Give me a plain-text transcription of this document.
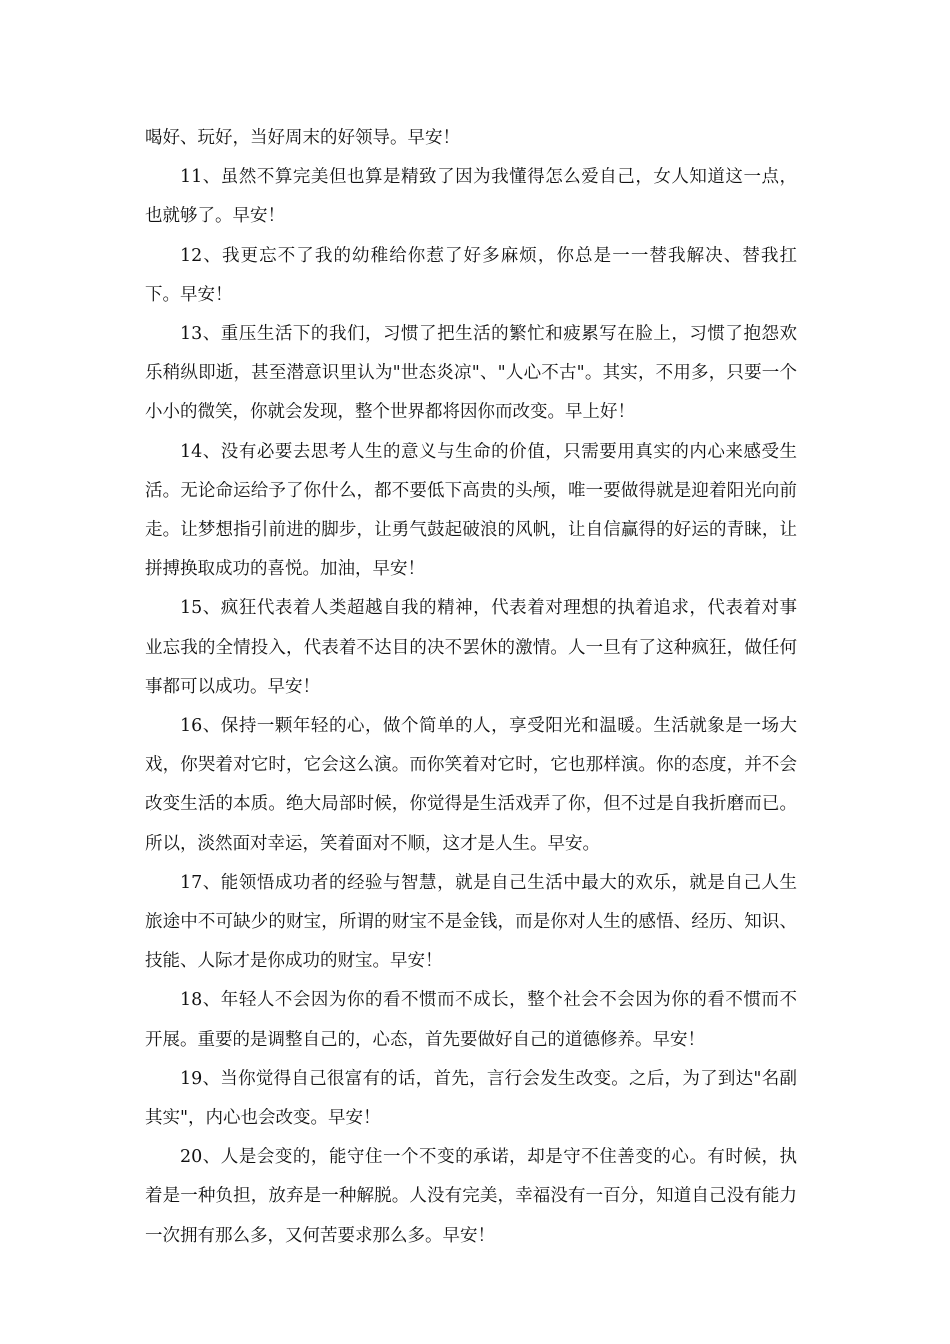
喝好、玩好，当好周末的好领导。早安！

11、虽然不算完美但也算是精致了因为我懂得怎么爱自己，女人知道这一点，也就够了。早安！

12、我更忘不了我的幼稚给你惹了好多麻烦，你总是一一替我解决、替我扛下。早安！

13、重压生活下的我们，习惯了把生活的繁忙和疲累写在脸上，习惯了抱怨欢乐稍纵即逝，甚至潜意识里认为"世态炎凉"、"人心不古"。其实，不用多，只要一个小小的微笑，你就会发现，整个世界都将因你而改变。早上好！

14、没有必要去思考人生的意义与生命的价值，只需要用真实的内心来感受生活。无论命运给予了你什么，都不要低下高贵的头颅，唯一要做得就是迎着阳光向前走。让梦想指引前进的脚步，让勇气鼓起破浪的风帆，让自信赢得的好运的青睐，让拼搏换取成功的喜悦。加油，早安！

15、疯狂代表着人类超越自我的精神，代表着对理想的执着追求，代表着对事业忘我的全情投入，代表着不达目的决不罢休的激情。人一旦有了这种疯狂，做任何事都可以成功。早安！

16、保持一颗年轻的心，做个简单的人，享受阳光和温暖。生活就象是一场大戏，你哭着对它时，它会这么演。而你笑着对它时，它也那样演。你的态度，并不会改变生活的本质。绝大局部时候，你觉得是生活戏弄了你，但不过是自我折磨而已。所以，淡然面对幸运，笑着面对不顺，这才是人生。早安。

17、能领悟成功者的经验与智慧，就是自己生活中最大的欢乐，就是自己人生旅途中不可缺少的财宝，所谓的财宝不是金钱，而是你对人生的感悟、经历、知识、技能、人际才是你成功的财宝。早安！

18、年轻人不会因为你的看不惯而不成长，整个社会不会因为你的看不惯而不开展。重要的是调整自己的，心态，首先要做好自己的道德修养。早安！

19、当你觉得自己很富有的话，首先，言行会发生改变。之后，为了到达"名副其实"，内心也会改变。早安！

20、人是会变的，能守住一个不变的承诺，却是守不住善变的心。有时候，执着是一种负担，放弃是一种解脱。人没有完美，幸福没有一百分，知道自己没有能力一次拥有那么多，又何苦要求那么多。早安！
